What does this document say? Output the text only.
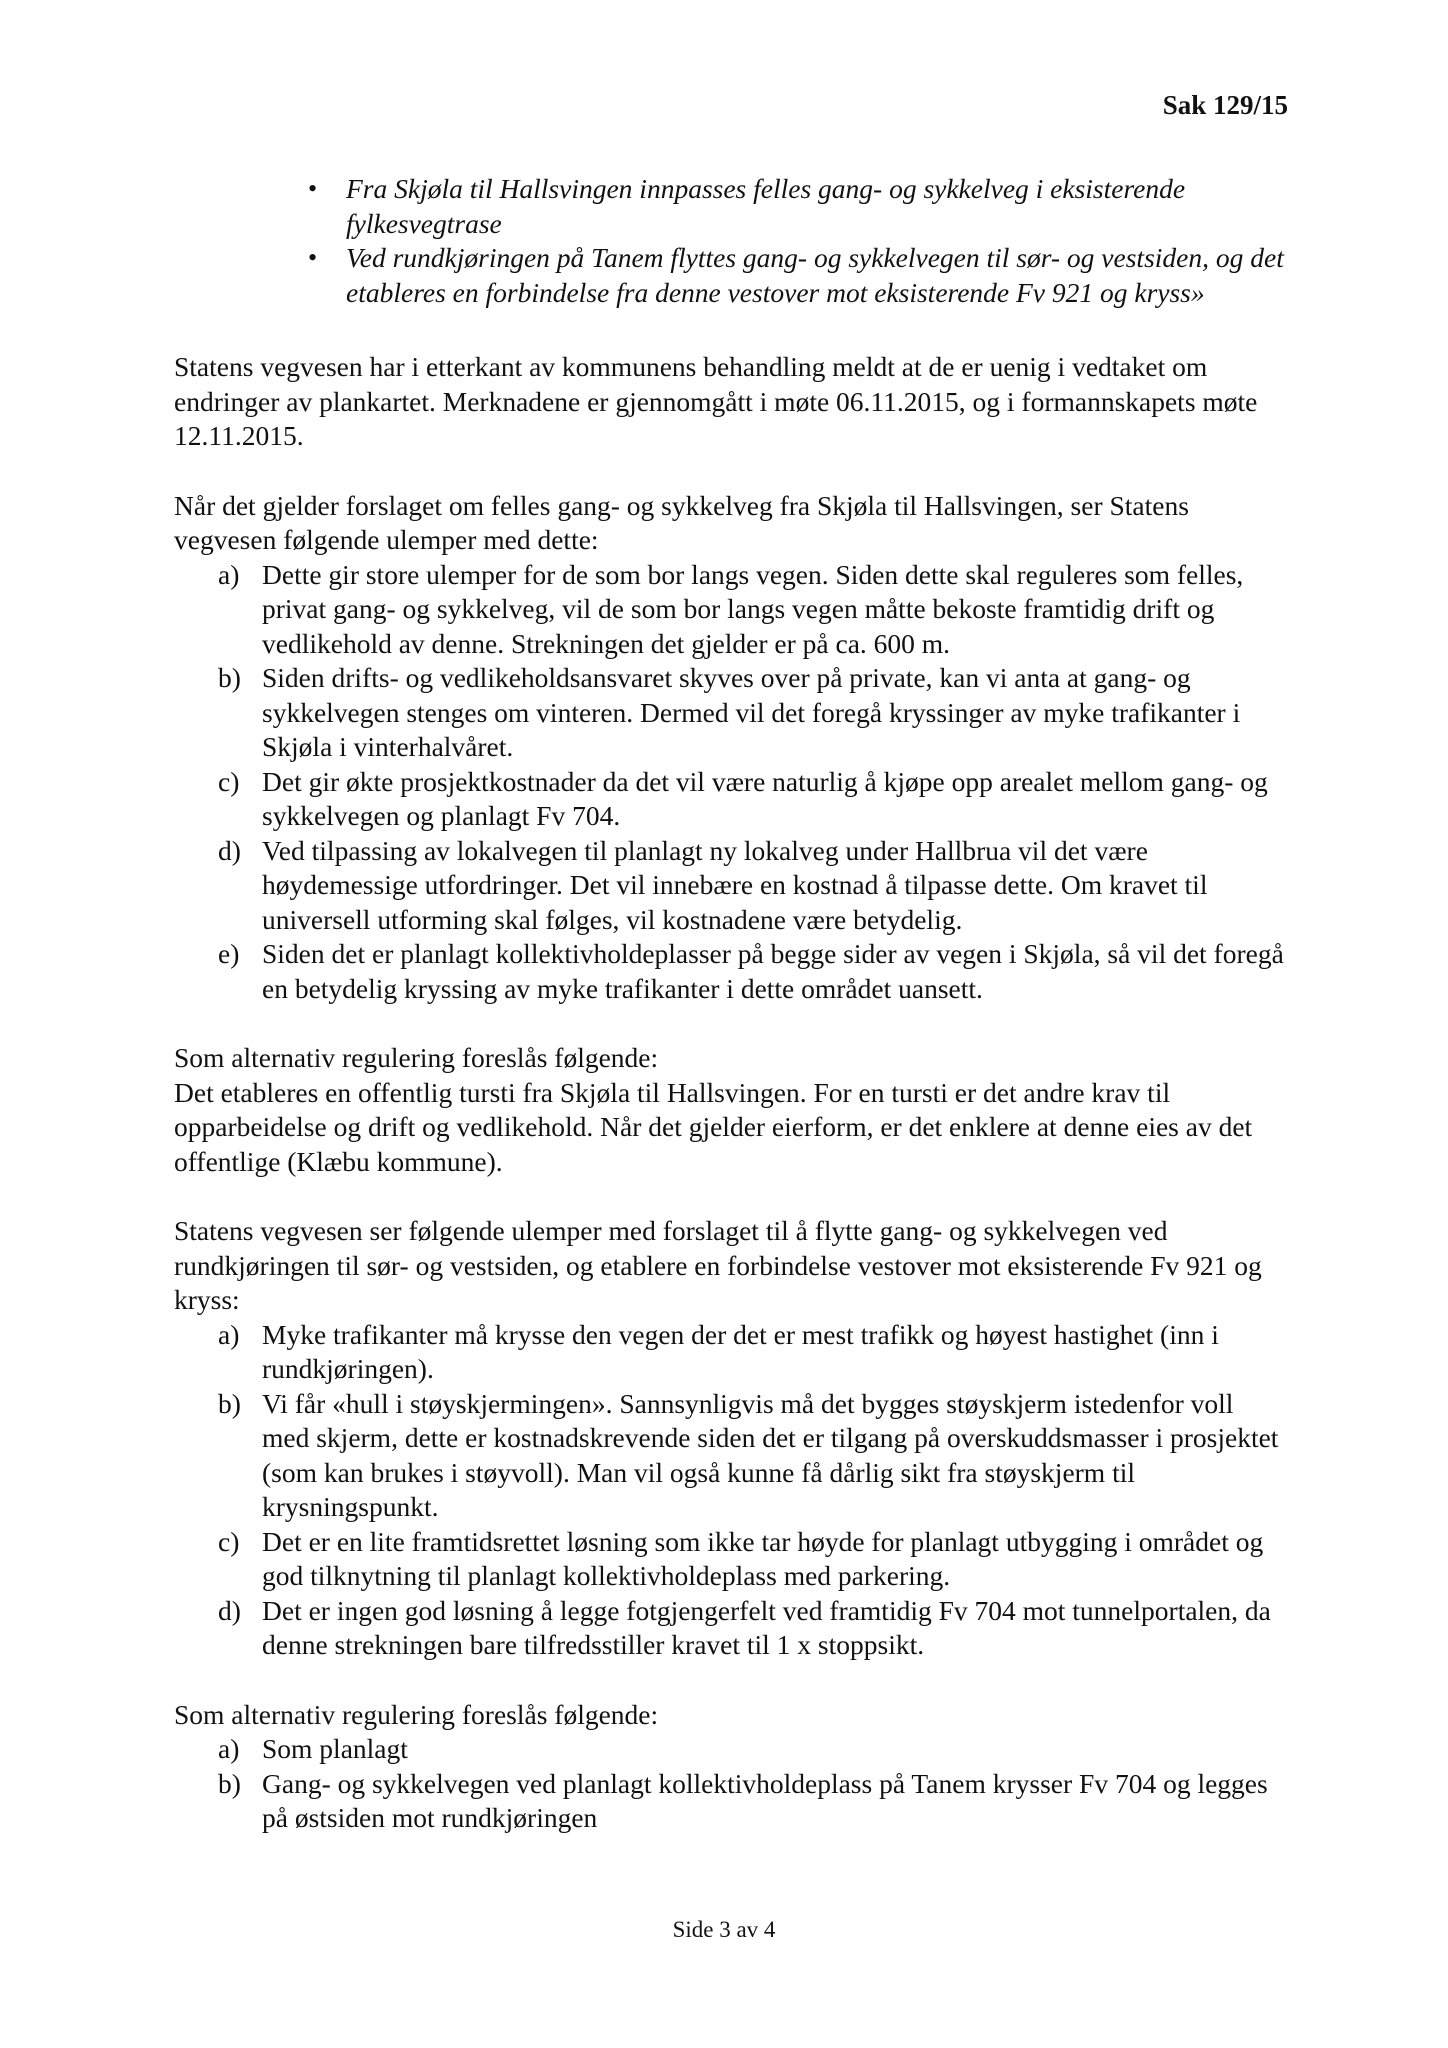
Sak 129/15
• Fra Skjøla til Hallsvingen innpasses felles gang- og sykkelveg i eksisterende fylkesvegtrase
• Ved rundkjøringen på Tanem flyttes gang- og sykkelvegen til sør- og vestsiden, og det etableres en forbindelse fra denne vestover mot eksisterende Fv 921 og kryss»

Statens vegvesen har i etterkant av kommunens behandling meldt at de er uenig i vedtaket om endringer av plankartet. Merknadene er gjennomgått i møte 06.11.2015, og i formannskapets møte 12.11.2015.

Når det gjelder forslaget om felles gang- og sykkelveg fra Skjøla til Hallsvingen, ser Statens vegvesen følgende ulemper med dette:

a) Dette gir store ulemper for de som bor langs vegen. Siden dette skal reguleres som felles, privat gang- og sykkelveg, vil de som bor langs vegen måtte bekoste framtidig drift og vedlikehold av denne. Strekningen det gjelder er på ca. 600 m.
b) Siden drifts- og vedlikeholdsansvaret skyves over på private, kan vi anta at gang- og sykkelvegen stenges om vinteren. Dermed vil det foregå kryssinger av myke trafikanter i Skjøla i vinterhalvåret.
c) Det gir økte prosjektkostnader da det vil være naturlig å kjøpe opp arealet mellom gang- og sykkelvegen og planlagt Fv 704.
d) Ved tilpassing av lokalvegen til planlagt ny lokalveg under Hallbrua vil det være høydemessige utfordringer. Det vil innebære en kostnad å tilpasse dette. Om kravet til universell utforming skal følges, vil kostnadene være betydelig.
e) Siden det er planlagt kollektivholdeplasser på begge sider av vegen i Skjøla, så vil det foregå en betydelig kryssing av myke trafikanter i dette området uansett.

Som alternativ regulering foreslås følgende:

Det etableres en offentlig tursti fra Skjøla til Hallsvingen. For en tursti er det andre krav til opparbeidelse og drift og vedlikehold. Når det gjelder eierform, er det enklere at denne eies av det offentlige (Klæbu kommune).

Statens vegvesen ser følgende ulemper med forslaget til å flytte gang- og sykkelvegen ved rundkjøringen til sør- og vestsiden, og etablere en forbindelse vestover mot eksisterende Fv 921 og kryss:

a) Myke trafikanter må krysse den vegen der det er mest trafikk og høyest hastighet (inn i rundkjøringen).
b) Vi får «hull i støyskjermingen». Sannsynligvis må det bygges støyskjerm istedenfor voll med skjerm, dette er kostnadskrevende siden det er tilgang på overskuddsmasser i prosjektet (som kan brukes i støyvoll). Man vil også kunne få dårlig sikt fra støyskjerm til krysningspunkt.
c) Det er en lite framtidsrettet løsning som ikke tar høyde for planlagt utbygging i området og god tilknytning til planlagt kollektivholdeplass med parkering.
d) Det er ingen god løsning å legge fotgjengerfelt ved framtidig Fv 704 mot tunnelportalen, da denne strekningen bare tilfredsstiller kravet til 1 x stoppsikt.

Som alternativ regulering foreslås følgende:

a) Som planlagt
b) Gang- og sykkelvegen ved planlagt kollektivholdeplass på Tanem krysser Fv 704 og legges på østsiden mot rundkjøringen
Side 3 av 4
